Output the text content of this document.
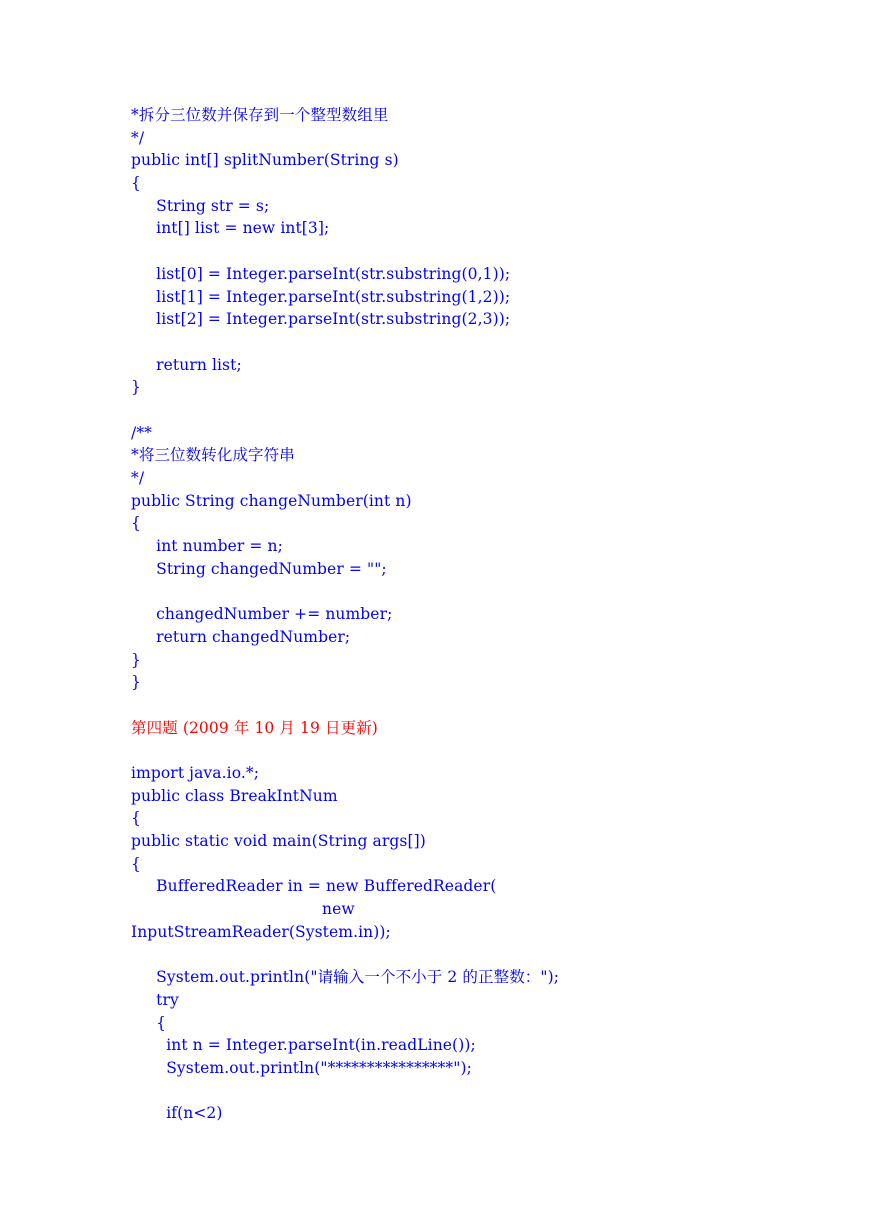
*拆分三位数并保存到一个整型数组里
*/
public int[] splitNumber(String s)
{
String str = s;
int[] list = new int[3];
list[0] = Integer.parseInt(str.substring(0,1));
list[1] = Integer.parseInt(str.substring(1,2));
list[2] = Integer.parseInt(str.substring(2,3));
return list;
}
/**
*将三位数转化成字符串
*/
public String changeNumber(int n)
{
int number = n;
String changedNumber = "";
changedNumber += number;
return changedNumber;
}
}
第四题 (2009 年 10 月 19 日更新)
import java.io.*;
public class BreakIntNum
{
public static void main(String args[])
{
BufferedReader in = new BufferedReader(
new
InputStreamReader(System.in));
System.out.println("请输入一个不小于 2 的正整数：");
try
{
int n = Integer.parseInt(in.readLine());
System.out.println("****************");
if(n<2)
